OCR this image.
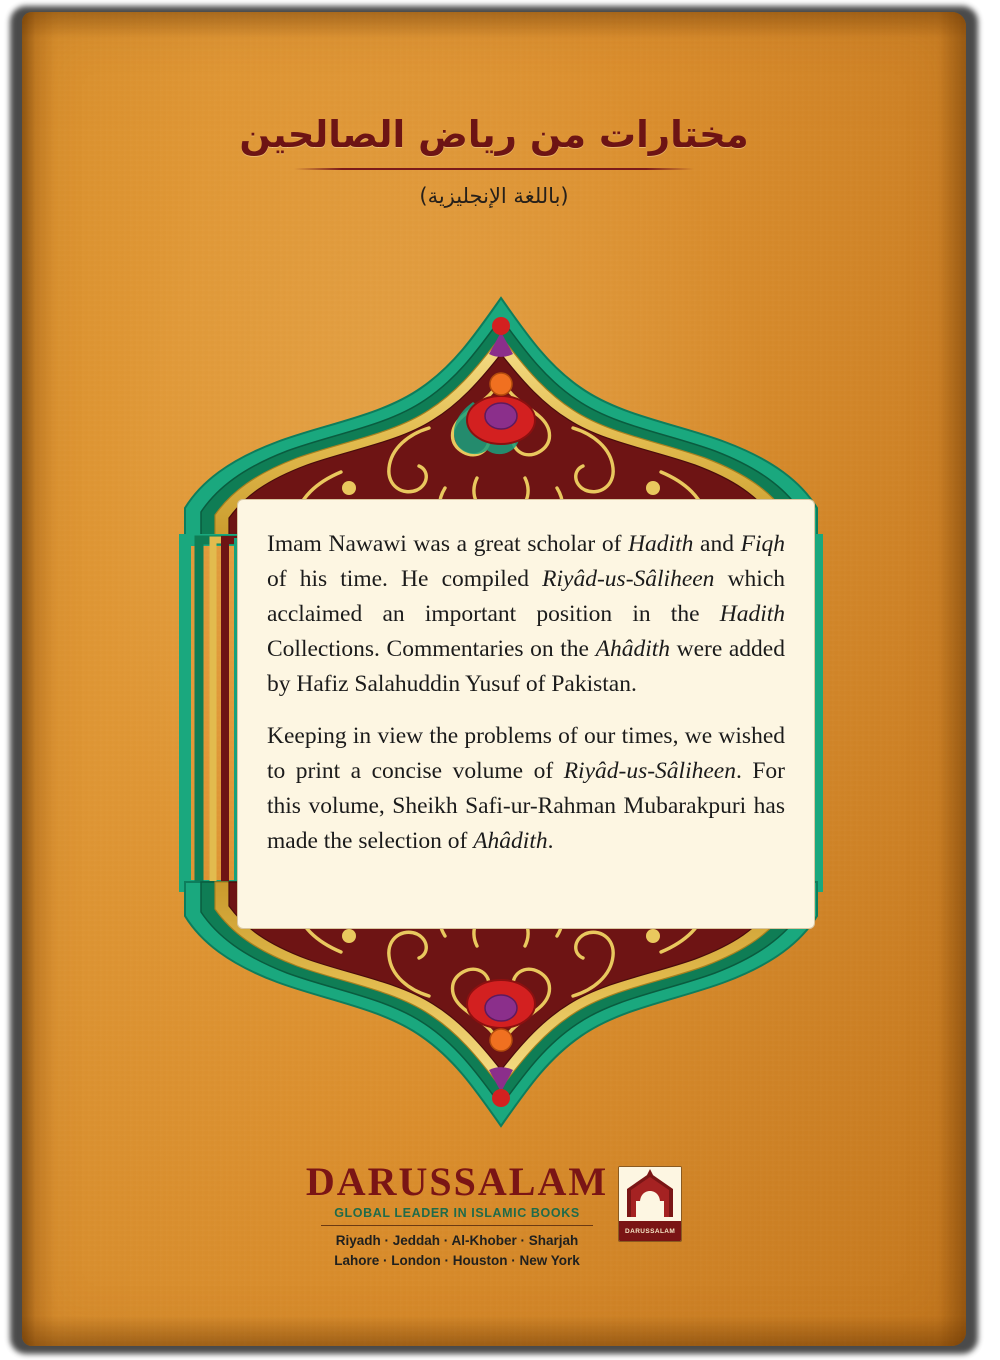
مختارات من رياض الصالحين
(باللغة الإنجليزية)

Imam Nawawi was a great scholar of Hadith and Fiqh of his time. He compiled Riyâd-us-Sâliheen which acclaimed an important position in the Hadith Collections. Commentaries on the Ahâdith were added by Hafiz Salahuddin Yusuf of Pakistan.

Keeping in view the problems of our times, we wished to print a concise volume of Riyâd-us-Sâliheen. For this volume, Sheikh Safi-ur-Rahman Mubarakpuri has made the selection of Ahâdith.

DARUSSALAM
GLOBAL LEADER IN ISLAMIC BOOKS
Riyadh · Jeddah · Al-Khober · Sharjah
Lahore · London · Houston · New York
DARUSSALAM
